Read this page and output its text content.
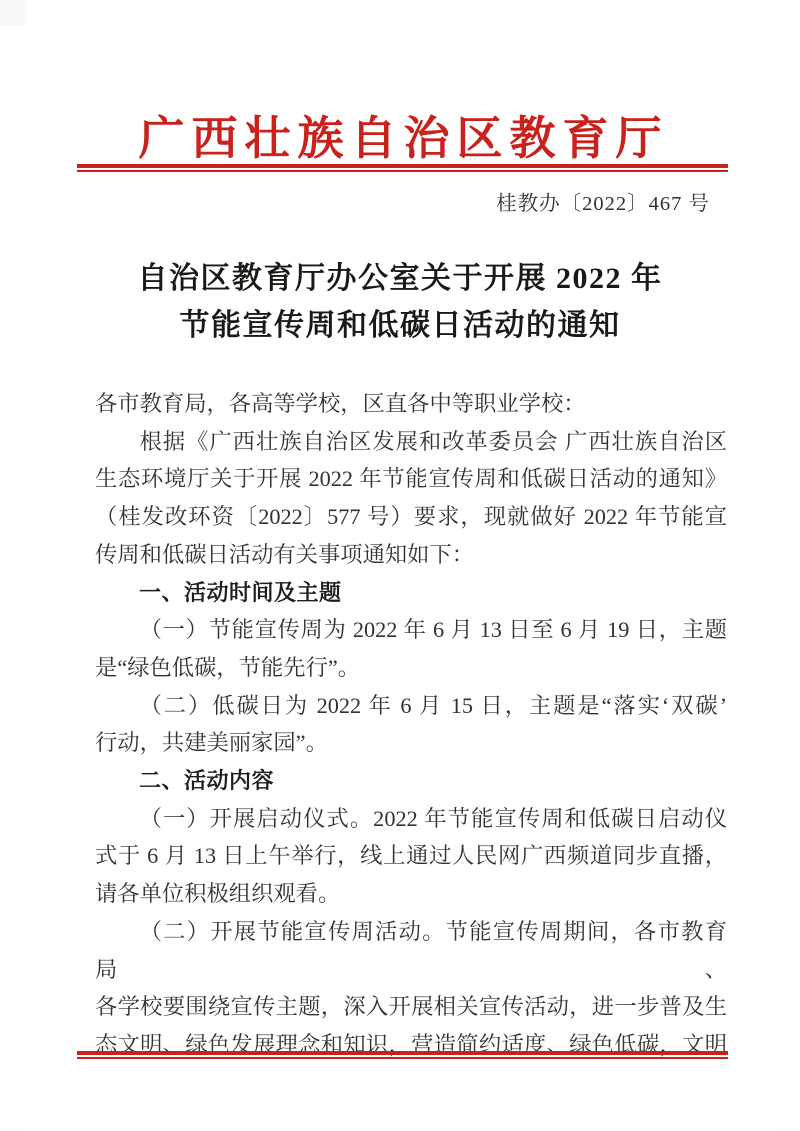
广西壮族自治区教育厅
桂教办〔2022〕467 号
自治区教育厅办公室关于开展 2022 年
节能宣传周和低碳日活动的通知
各市教育局，各高等学校，区直各中等职业学校：
根据《广西壮族自治区发展和改革委员会 广西壮族自治区
生态环境厅关于开展 2022 年节能宣传周和低碳日活动的通知》
（桂发改环资〔2022〕577 号）要求，现就做好 2022 年节能宣
传周和低碳日活动有关事项通知如下：
一、活动时间及主题
（一）节能宣传周为 2022 年 6 月 13 日至 6 月 19 日，主题
是“绿色低碳，节能先行”。
（二）低碳日为 2022 年 6 月 15 日，主题是“落实‘双碳’
行动，共建美丽家园”。
二、活动内容
（一）开展启动仪式。2022 年节能宣传周和低碳日启动仪
式于 6 月 13 日上午举行，线上通过人民网广西频道同步直播，
请各单位积极组织观看。
（二）开展节能宣传周活动。节能宣传周期间，各市教育局、
各学校要围绕宣传主题，深入开展相关宣传活动，进一步普及生
态文明、绿色发展理念和知识，营造简约适度、绿色低碳，文明
